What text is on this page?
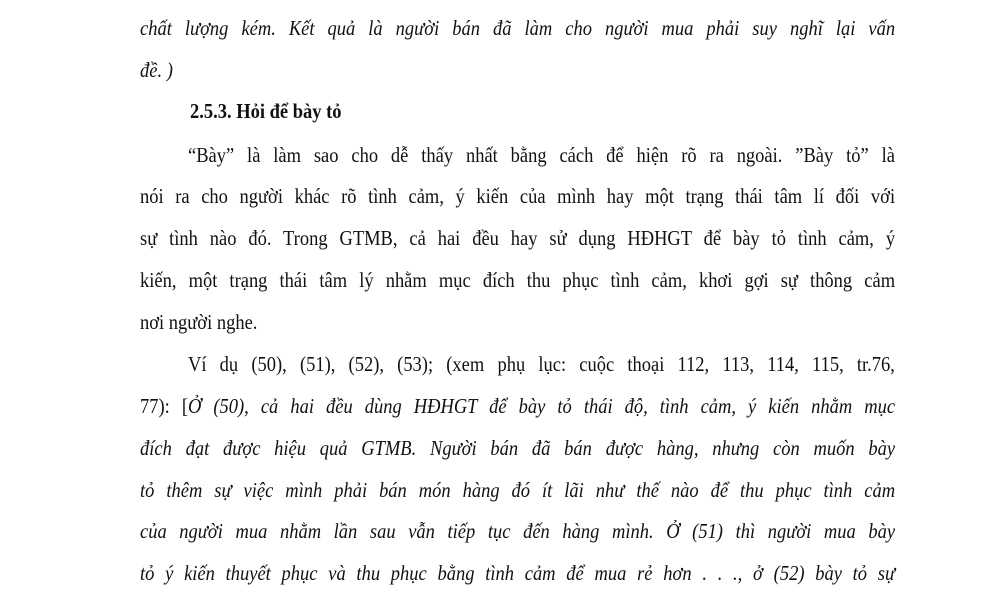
chất lượng kém. Kết quả là người bán đã làm cho người mua phải suy nghĩ lại vấn
đề. )
2.5.3. Hỏi để bày tỏ
“Bày” là làm sao cho dễ thấy nhất bằng cách để hiện rõ ra ngoài. ”Bày tỏ” là
nói ra cho người khác rõ tình cảm, ý kiến của mình hay một trạng thái tâm lí đối với
sự tình nào đó. Trong GTMB, cả hai đều hay sử dụng HĐHGT để bày tỏ tình cảm, ý
kiến, một trạng thái tâm lý nhằm mục đích thu phục tình cảm, khơi gợi sự thông cảm
nơi người nghe.
Ví dụ (50), (51), (52), (53); (xem phụ lục: cuộc thoại 112, 113, 114, 115, tr.76,
77): [Ở (50), cả hai đều dùng HĐHGT để bày tỏ thái độ, tình cảm, ý kiến nhằm mục
đích đạt được hiệu quả GTMB. Người bán đã bán được hàng, nhưng còn muốn bày
tỏ thêm sự việc mình phải bán món hàng đó ít lãi như thế nào để thu phục tình cảm
của người mua nhằm lần sau vẫn tiếp tục đến hàng mình. Ở (51) thì người mua bày
tỏ ý kiến thuyết phục và thu phục bằng tình cảm để mua rẻ hơn . . ., ở (52) bày tỏ sự
